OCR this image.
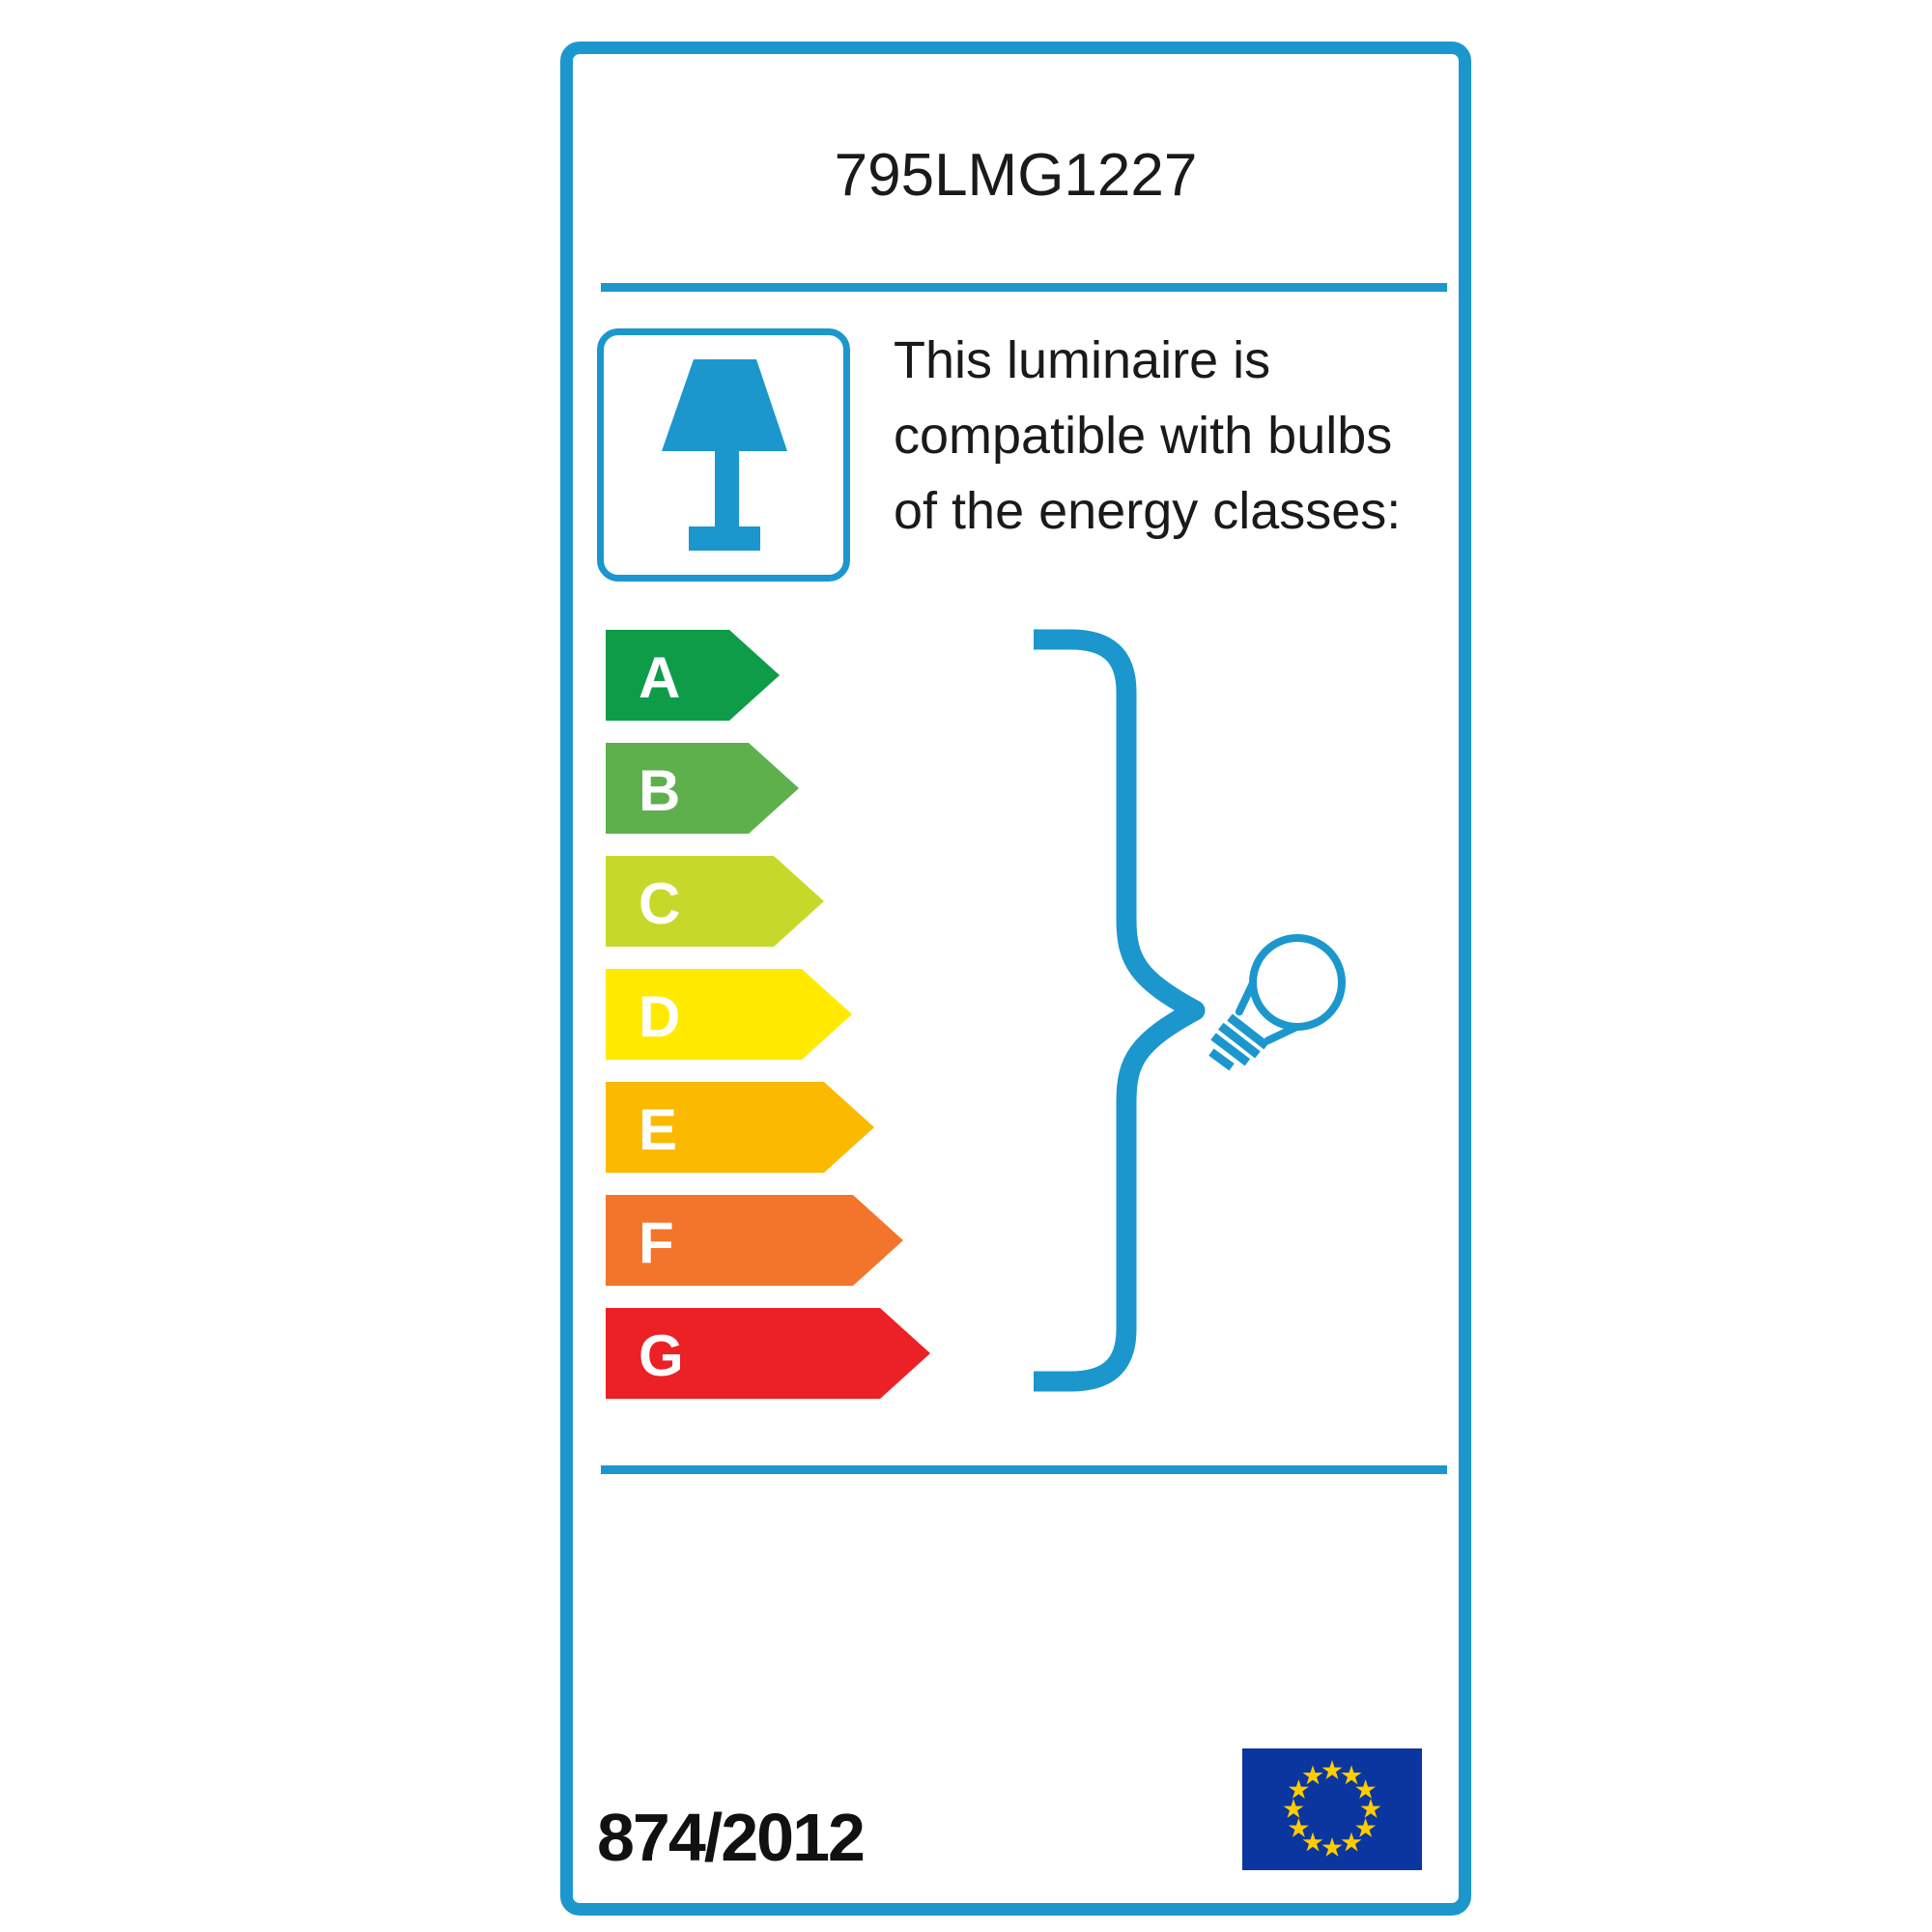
795LMG1227
This luminaire is
compatible with bulbs
of the energy classes:
A
B
C
D
E
F
G
874/2012
